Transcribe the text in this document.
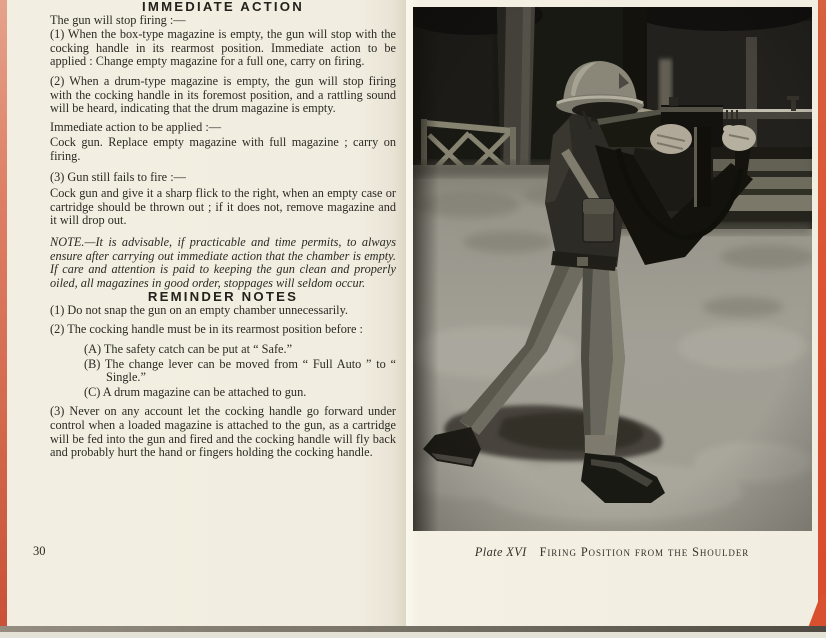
IMMEDIATE ACTION

The gun will stop firing :—

(1) When the box-type magazine is empty, the gun will stop with the cocking handle in its rearmost position. Immediate action to be applied : Change empty magazine for a full one, carry on firing.

(2) When a drum-type magazine is empty, the gun will stop firing with the cocking handle in its foremost position, and a rattling sound will be heard, indicating that the drum magazine is empty.

Immediate action to be applied :—

Cock gun. Replace empty magazine with full magazine ; carry on firing.

(3) Gun still fails to fire :—

Cock gun and give it a sharp flick to the right, when an empty case or cartridge should be thrown out ; if it does not, remove magazine and it will drop out.

NOTE.—It is advisable, if practicable and time permits, to always ensure after carrying out immediate action that the chamber is empty. If care and attention is paid to keeping the gun clean and properly oiled, all magazines in good order, stoppages will seldom occur.

REMINDER NOTES

(1) Do not snap the gun on an empty chamber unnecessarily.

(2) The cocking handle must be in its rearmost position before :

(A) The safety catch can be put at “ Safe.”

(B) The change lever can be moved from “ Full Auto ” to “ Single.”

(C) A drum magazine can be attached to gun.

(3) Never on any account let the cocking handle go forward under control when a loaded magazine is attached to the gun, as a cartridge will be fed into the gun and fired and the cocking handle will fly back and probably hurt the hand or fingers holding the cocking handle.

30	Plate XVI Firing Position from the Shoulder
